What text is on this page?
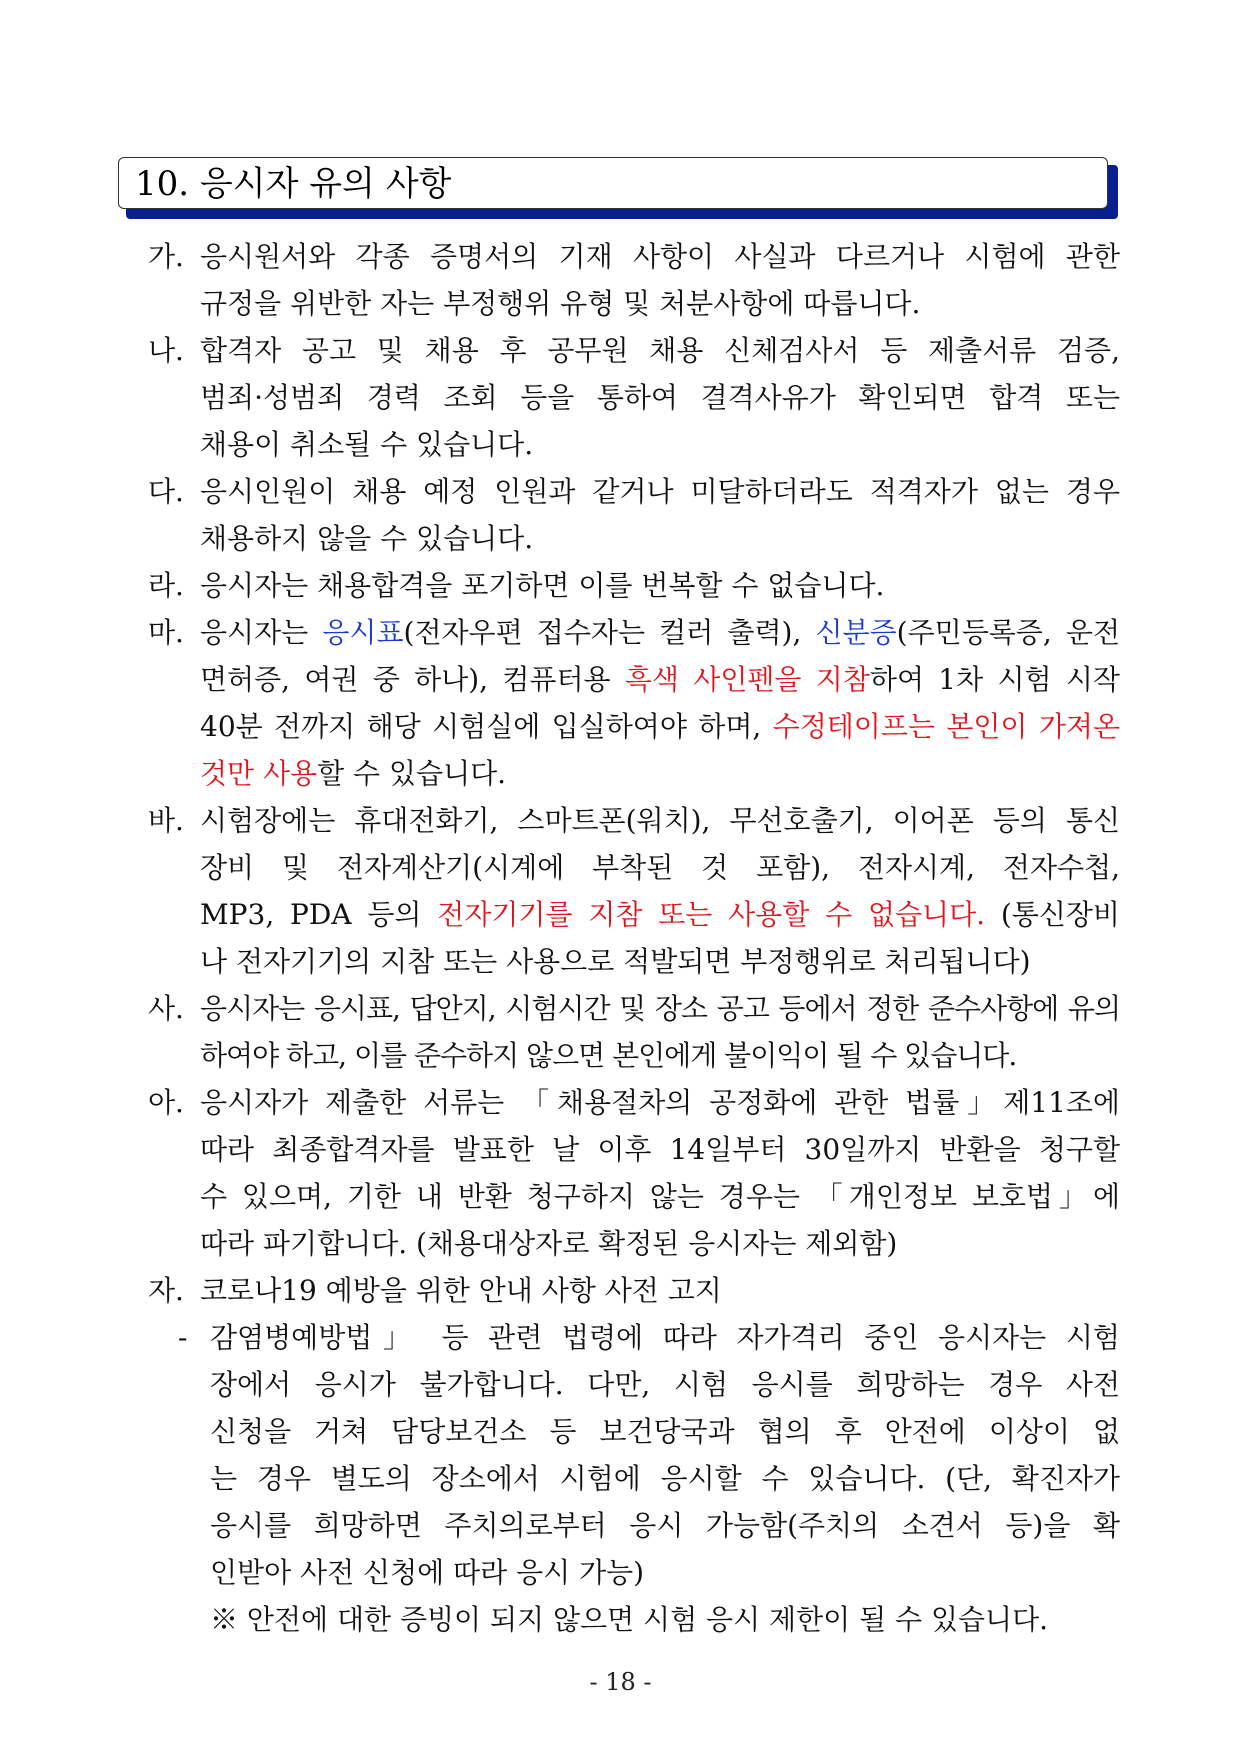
10. 응시자 유의 사항
가. 응시원서와 각종 증명서의 기재 사항이 사실과 다르거나 시험에 관한
규정을 위반한 자는 부정행위 유형 및 처분사항에 따릅니다.
나. 합격자 공고 및 채용 후 공무원 채용 신체검사서 등 제출서류 검증,
범죄·성범죄 경력 조회 등을 통하여 결격사유가 확인되면 합격 또는
채용이 취소될 수 있습니다.
다. 응시인원이 채용 예정 인원과 같거나 미달하더라도 적격자가 없는 경우
채용하지 않을 수 있습니다.
라. 응시자는 채용합격을 포기하면 이를 번복할 수 없습니다.
마. 응시자는 응시표(전자우편 접수자는 컬러 출력), 신분증(주민등록증, 운전
면허증, 여권 중 하나), 컴퓨터용 흑색 사인펜을 지참하여 1차 시험 시작
40분 전까지 해당 시험실에 입실하여야 하며, 수정테이프는 본인이 가져온
것만 사용할 수 있습니다.
바. 시험장에는 휴대전화기, 스마트폰(워치), 무선호출기, 이어폰 등의 통신
장비 및 전자계산기(시계에 부착된 것 포함), 전자시계, 전자수첩,
MP3, PDA 등의 전자기기를 지참 또는 사용할 수 없습니다. (통신장비
나 전자기기의 지참 또는 사용으로 적발되면 부정행위로 처리됩니다)
사. 응시자는 응시표, 답안지, 시험시간 및 장소 공고 등에서 정한 준수사항에 유의
하여야 하고, 이를 준수하지 않으면 본인에게 불이익이 될 수 있습니다.
아. 응시자가 제출한 서류는 「채용절차의 공정화에 관한 법률」제11조에
따라 최종합격자를 발표한 날 이후 14일부터 30일까지 반환을 청구할
수 있으며, 기한 내 반환 청구하지 않는 경우는 「개인정보 보호법」에
따라 파기합니다. (채용대상자로 확정된 응시자는 제외함)
자. 코로나19 예방을 위한 안내 사항 사전 고지
- 감염병예방법」 등 관련 법령에 따라 자가격리 중인 응시자는 시험
장에서 응시가 불가합니다. 다만, 시험 응시를 희망하는 경우 사전
신청을 거쳐 담당보건소 등 보건당국과 협의 후 안전에 이상이 없
는 경우 별도의 장소에서 시험에 응시할 수 있습니다. (단, 확진자가
응시를 희망하면 주치의로부터 응시 가능함(주치의 소견서 등)을 확
인받아 사전 신청에 따라 응시 가능)
※ 안전에 대한 증빙이 되지 않으면 시험 응시 제한이 될 수 있습니다.
- 18 -
